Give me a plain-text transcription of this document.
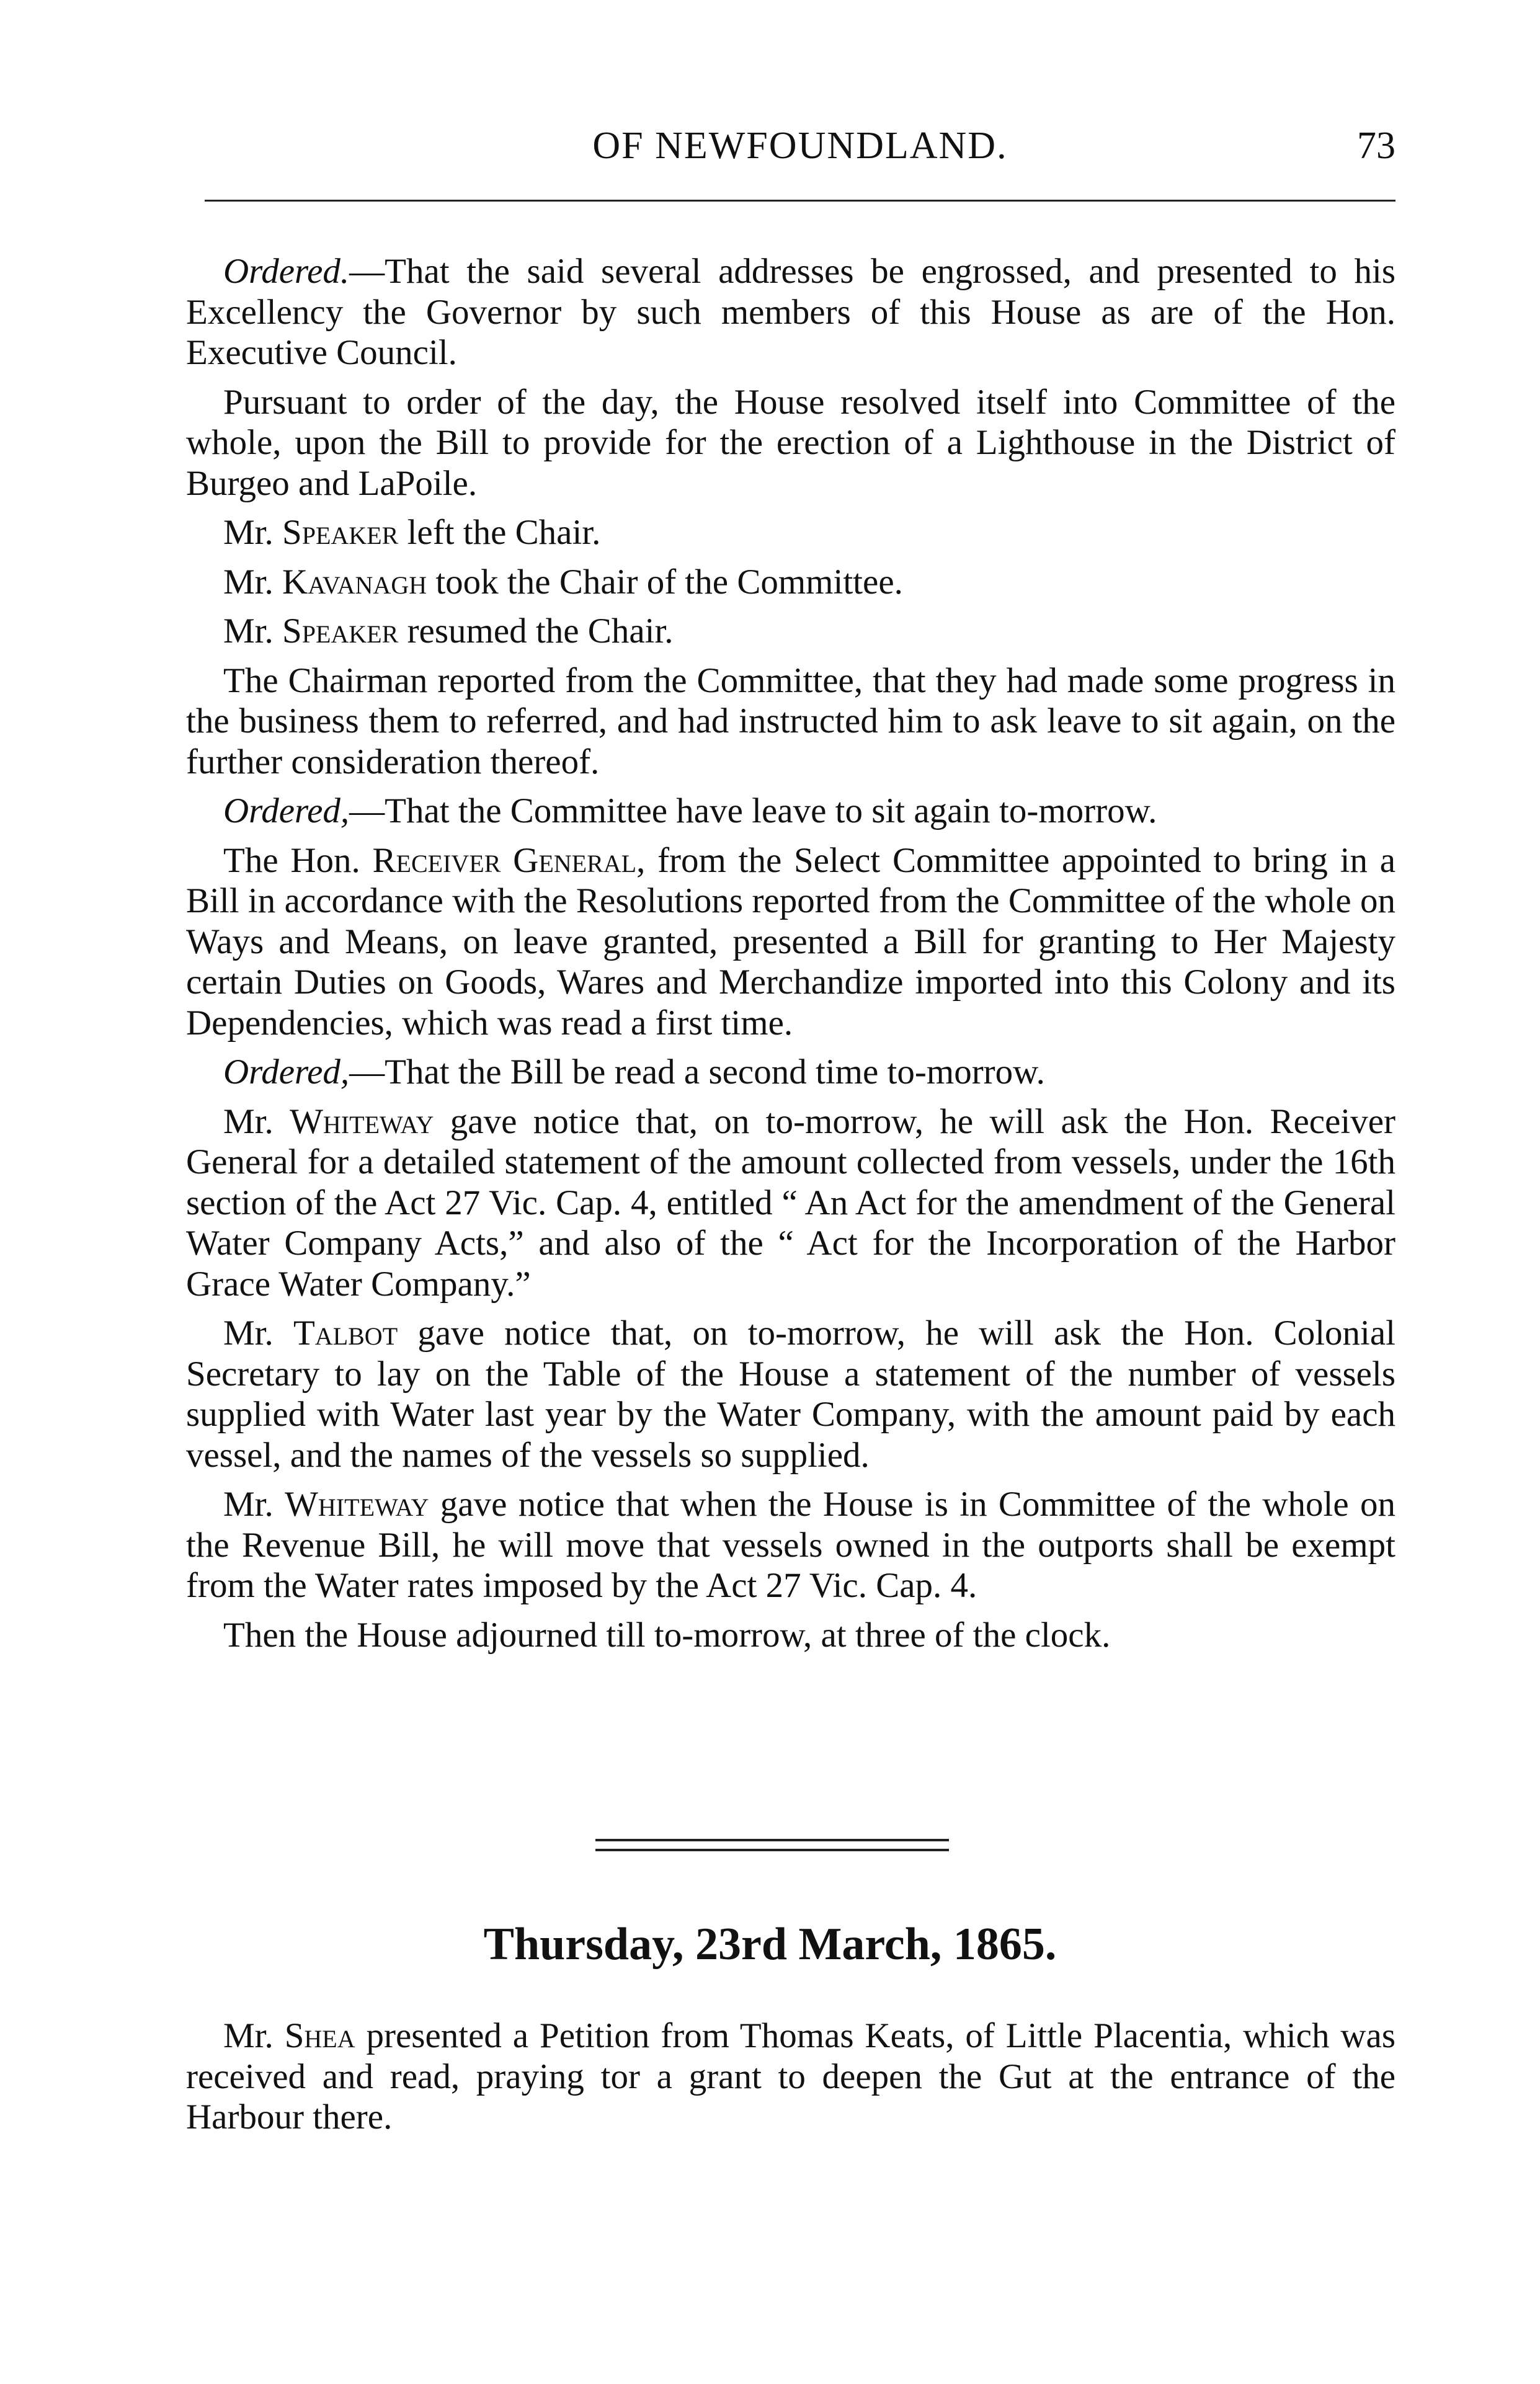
OF NEWFOUNDLAND.	73

Ordered.—That the said several addresses be engrossed, and presented to his Excellency the Governor by such members of this House as are of the Hon. Executive Council.

Pursuant to order of the day, the House resolved itself into Committee of the whole, upon the Bill to provide for the erection of a Lighthouse in the District of Burgeo and LaPoile.

Mr. Speaker left the Chair.

Mr. Kavanagh took the Chair of the Committee.

Mr. Speaker resumed the Chair.

The Chairman reported from the Committee, that they had made some progress in the business them to referred, and had instructed him to ask leave to sit again, on the further consideration thereof.

Ordered,—That the Committee have leave to sit again to-morrow.

The Hon. Receiver General, from the Select Committee appointed to bring in a Bill in accordance with the Resolutions reported from the Committee of the whole on Ways and Means, on leave granted, presented a Bill for granting to Her Majesty certain Duties on Goods, Wares and Merchandize imported into this Colony and its Dependencies, which was read a first time.

Ordered,—That the Bill be read a second time to-morrow.

Mr. Whiteway gave notice that, on to-morrow, he will ask the Hon. Receiver General for a detailed statement of the amount collected from vessels, under the 16th section of the Act 27 Vic. Cap. 4, entitled “ An Act for the amendment of the General Water Company Acts,” and also of the “ Act for the Incorporation of the Harbor Grace Water Company.”

Mr. Talbot gave notice that, on to-morrow, he will ask the Hon. Colonial Secretary to lay on the Table of the House a statement of the number of vessels supplied with Water last year by the Water Company, with the amount paid by each vessel, and the names of the vessels so supplied.

Mr. Whiteway gave notice that when the House is in Committee of the whole on the Revenue Bill, he will move that vessels owned in the outports shall be exempt from the Water rates imposed by the Act 27 Vic. Cap. 4.

Then the House adjourned till to-morrow, at three of the clock.

Thursday, 23rd March, 1865.

Mr. Shea presented a Petition from Thomas Keats, of Little Placentia, which was received and read, praying tor a grant to deepen the Gut at the entrance of the Harbour there.
